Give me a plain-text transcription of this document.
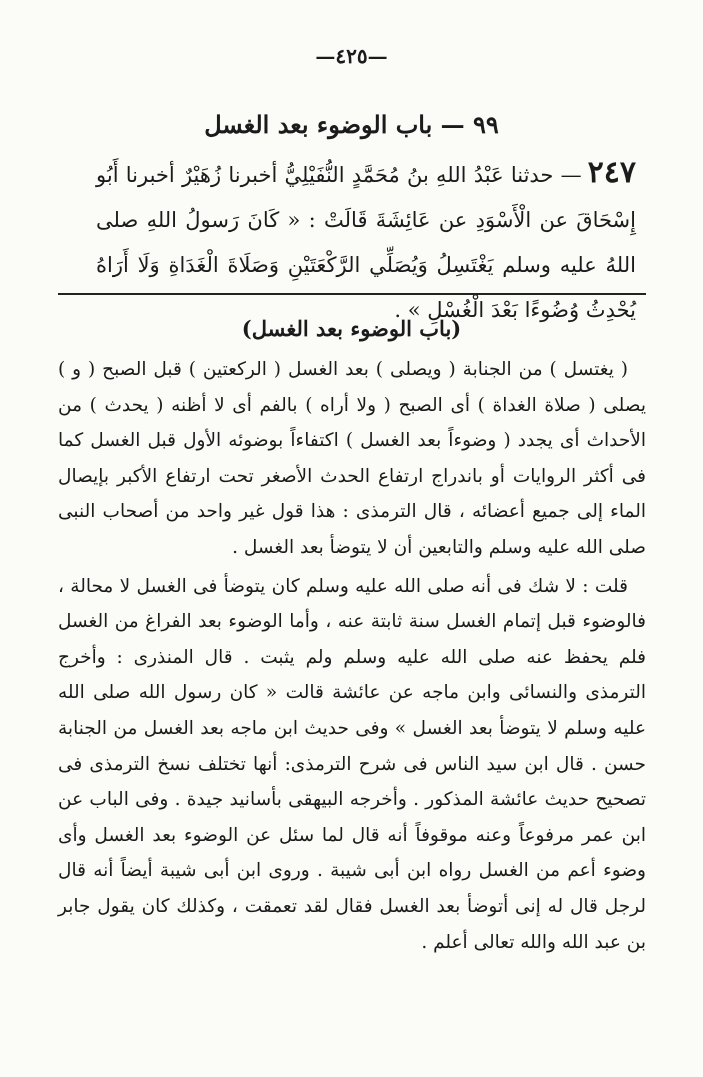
—٤٢٥—
٩٩ — باب الوضوء بعد الغسل
٢٤٧— حدثنا عَبْدُ اللهِ بنُ مُحَمَّدٍ النُّفَيْلِيُّ أخبرنا زُهَيْرٌ أخبرنا أَبُو إِسْحَاقَ عن الْأَسْوَدِ عن عَائِشَةَ قَالَتْ : « كَانَ رَسولُ اللهِ صلى اللهُ عليه وسلم يَغْتَسِلُ وَيُصَلِّي الرَّكْعَتَيْنِ وَصَلَاةَ الْغَدَاةِ وَلَا أَرَاهُ يُحْدِثُ وُضُوءًا بَعْدَ الْغُسْلِ » .
(باب الوضوء بعد الغسل)

( يغتسل ) من الجنابة ( ويصلى ) بعد الغسل ( الركعتين ) قبل الصبح ( و ) يصلى ( صلاة الغداة ) أى الصبح ( ولا أراه ) بالفم أى لا أظنه ( يحدث ) من الأحداث أى يجدد ( وضوءاً بعد الغسل ) اكتفاءاً بوضوئه الأول قبل الغسل كما فى أكثر الروايات أو باندراج ارتفاع الحدث الأصغر تحت ارتفاع الأكبر بإيصال الماء إلى جميع أعضائه ، قال الترمذى : هذا قول غير واحد من أصحاب النبى صلى الله عليه وسلم والتابعين أن لا يتوضأ بعد الغسل .

قلت : لا شك فى أنه صلى الله عليه وسلم كان يتوضأ فى الغسل لا محالة ، فالوضوء قبل إتمام الغسل سنة ثابتة عنه ، وأما الوضوء بعد الفراغ من الغسل فلم يحفظ عنه صلى الله عليه وسلم ولم يثبت . قال المنذرى : وأخرج الترمذى والنسائى وابن ماجه عن عائشة قالت « كان رسول الله صلى الله عليه وسلم لا يتوضأ بعد الغسل » وفى حديث ابن ماجه بعد الغسل من الجنابة حسن . قال ابن سيد الناس فى شرح الترمذى: أنها تختلف نسخ الترمذى فى تصحيح حديث عائشة المذكور . وأخرجه البيهقى بأسانيد جيدة . وفى الباب عن ابن عمر مرفوعاً وعنه موقوفاً أنه قال لما سئل عن الوضوء بعد الغسل وأى وضوء أعم من الغسل رواه ابن أبى شيبة . وروى ابن أبى شيبة أيضاً أنه قال لرجل قال له إنى أتوضأ بعد الغسل فقال لقد تعمقت ، وكذلك كان يقول جابر بن عبد الله والله تعالى أعلم .
